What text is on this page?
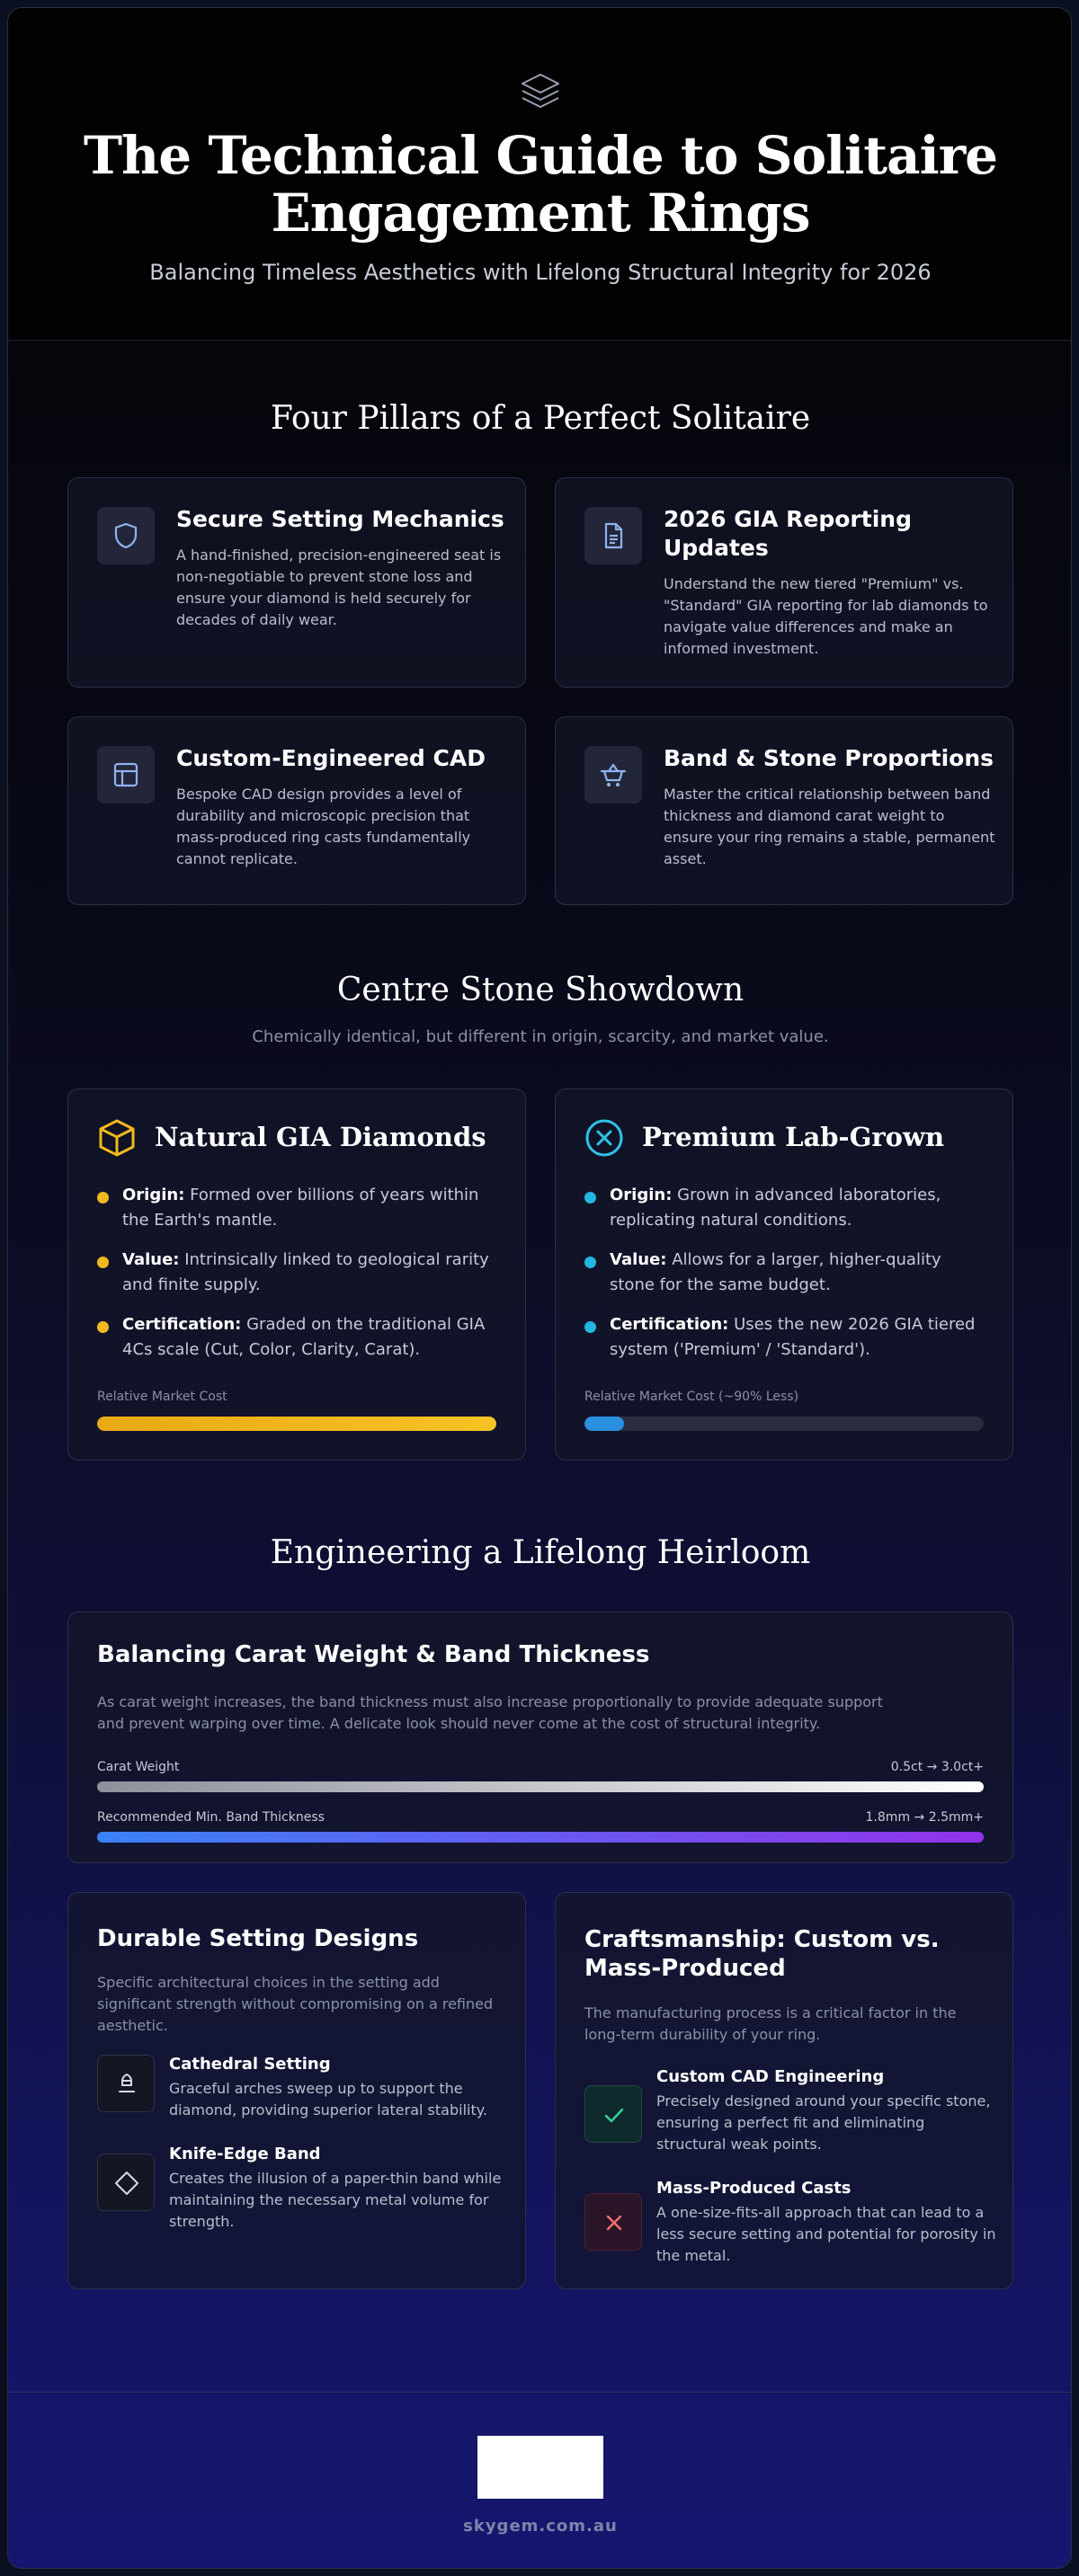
The Technical Guide to Solitaire
Engagement Rings
Balancing Timeless Aesthetics with Lifelong Structural Integrity for 2026
Four Pillars of a Perfect Solitaire
Secure Setting Mechanics

A hand-finished, precision-engineered seat is non-negotiable to prevent stone loss and ensure your diamond is held securely for decades of daily wear.

2026 GIA Reporting
Updates

Understand the new tiered "Premium" vs. "Standard" GIA reporting for lab diamonds to navigate value differences and make an informed investment.

Custom-Engineered CAD

Bespoke CAD design provides a level of durability and microscopic precision that mass-produced ring casts fundamentally cannot replicate.

Band & Stone Proportions

Master the critical relationship between band thickness and diamond carat weight to ensure your ring remains a stable, permanent asset.

Centre Stone Showdown
Chemically identical, but different in origin, scarcity, and market value.
Natural GIA Diamonds
Origin: Formed over billions of years within the Earth's mantle.
Value: Intrinsically linked to geological rarity and finite supply.
Certification: Graded on the traditional GIA 4Cs scale (Cut, Color, Clarity, Carat).
Relative Market Cost
Premium Lab-Grown
Origin: Grown in advanced laboratories, replicating natural conditions.
Value: Allows for a larger, higher-quality stone for the same budget.
Certification: Uses the new 2026 GIA tiered system ('Premium' / 'Standard').
Relative Market Cost (~90% Less)
Engineering a Lifelong Heirloom
Balancing Carat Weight & Band Thickness

As carat weight increases, the band thickness must also increase proportionally to provide adequate support
and prevent warping over time. A delicate look should never come at the cost of structural integrity.

Carat Weight	0.5ct → 3.0ct+
Recommended Min. Band Thickness	1.8mm → 2.5mm+
Durable Setting Designs

Specific architectural choices in the setting add significant strength without compromising on a refined aesthetic.

Cathedral Setting

Graceful arches sweep up to support the diamond, providing superior lateral stability.

Knife-Edge Band

Creates the illusion of a paper-thin band while maintaining the necessary metal volume for strength.

Craftsmanship: Custom vs.
Mass-Produced

The manufacturing process is a critical factor in the long-term durability of your ring.

Custom CAD Engineering

Precisely designed around your specific stone, ensuring a perfect fit and eliminating structural weak points.

Mass-Produced Casts

A one-size-fits-all approach that can lead to a less secure setting and potential for porosity in the metal.

skygem.com.au
